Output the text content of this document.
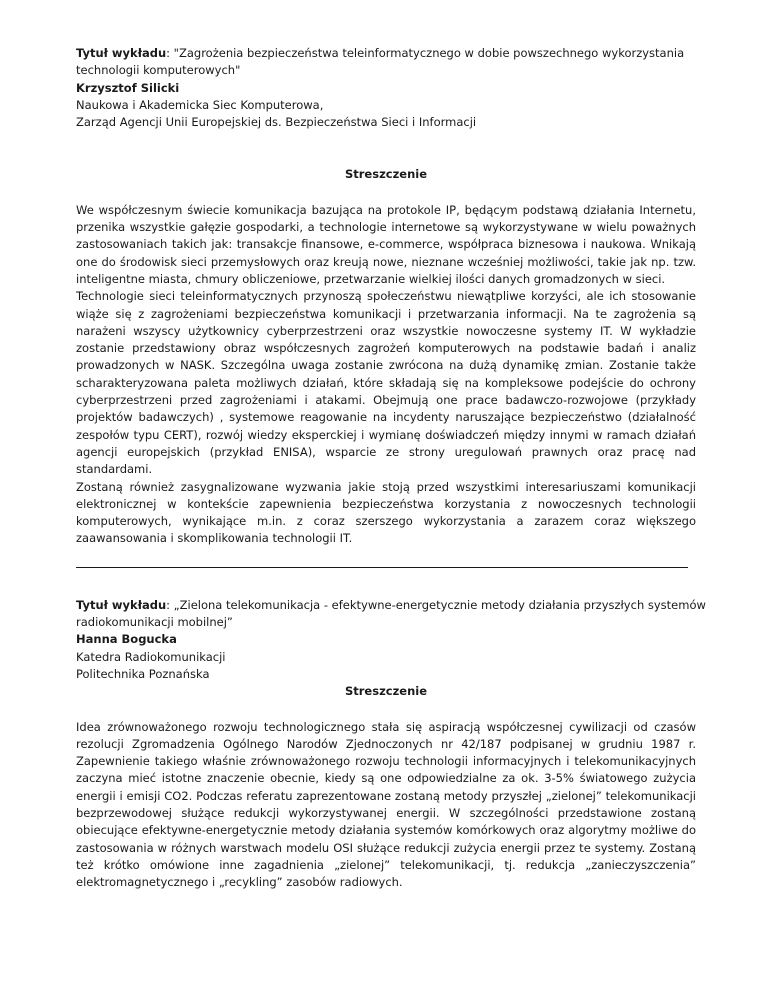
Tytuł wykładu: "Zagrożenia bezpieczeństwa teleinformatycznego w dobie powszechnego wykorzystania
technologii komputerowych"
Krzysztof Silicki
Naukowa i Akademicka Siec Komputerowa,
Zarząd Agencji Unii Europejskiej ds. Bezpieczeństwa Sieci i Informacji
Streszczenie

We współczesnym świecie komunikacja bazująca na protokole IP, będącym podstawą działania Internetu, przenika wszystkie gałęzie gospodarki, a technologie internetowe są wykorzystywane w wielu poważnych zastosowaniach takich jak: transakcje finansowe, e-commerce, współpraca biznesowa i naukowa. Wnikają one do środowisk sieci przemysłowych oraz kreują nowe, nieznane wcześniej możliwości, takie jak np. tzw. inteligentne miasta, chmury obliczeniowe, przetwarzanie wielkiej ilości danych gromadzonych w sieci.

Technologie sieci teleinformatycznych przynoszą społeczeństwu niewątpliwe korzyści, ale ich stosowanie wiąże się z zagrożeniami bezpieczeństwa komunikacji i przetwarzania informacji. Na te zagrożenia są narażeni wszyscy użytkownicy cyberprzestrzeni oraz wszystkie nowoczesne systemy IT. W wykładzie zostanie przedstawiony obraz współczesnych zagrożeń komputerowych na podstawie badań i analiz prowadzonych w NASK. Szczególna uwaga zostanie zwrócona na dużą dynamikę zmian. Zostanie także scharakteryzowana paleta możliwych działań, które składają się na kompleksowe podejście do ochrony cyberprzestrzeni przed zagrożeniami i atakami. Obejmują one prace badawczo-rozwojowe (przykłady projektów badawczych) , systemowe reagowanie na incydenty naruszające bezpieczeństwo (działalność zespołów typu CERT), rozwój wiedzy eksperckiej i wymianę doświadczeń między innymi w ramach działań agencji europejskich (przykład ENISA), wsparcie ze strony uregulowań prawnych oraz pracę nad standardami.

Zostaną również zasygnalizowane wyzwania jakie stoją przed wszystkimi interesariuszami komunikacji elektronicznej w kontekście zapewnienia bezpieczeństwa korzystania z nowoczesnych technologii komputerowych, wynikające m.in. z coraz szerszego wykorzystania a zarazem coraz większego zaawansowania i skomplikowania technologii IT.

Tytuł wykładu: „Zielona telekomunikacja - efektywne-energetycznie metody działania przyszłych systemów
radiokomunikacji mobilnej”
Hanna Bogucka
Katedra Radiokomunikacji
Politechnika Poznańska
Streszczenie

Idea zrównoważonego rozwoju technologicznego stała się aspiracją współczesnej cywilizacji od czasów rezolucji Zgromadzenia Ogólnego Narodów Zjednoczonych nr 42/187 podpisanej w grudniu 1987 r. Zapewnienie takiego właśnie zrównoważonego rozwoju technologii informacyjnych i telekomunikacyjnych zaczyna mieć istotne znaczenie obecnie, kiedy są one odpowiedzialne za ok. 3-5% światowego zużycia energii i emisji CO2. Podczas referatu zaprezentowane zostaną metody przyszłej „zielonej” telekomunikacji bezprzewodowej służące redukcji wykorzystywanej energii. W szczególności przedstawione zostaną obiecujące efektywne-energetycznie metody działania systemów komórkowych oraz algorytmy możliwe do zastosowania w różnych warstwach modelu OSI służące redukcji zużycia energii przez te systemy. Zostaną też krótko omówione inne zagadnienia „zielonej” telekomunikacji, tj. redukcja „zanieczyszczenia” elektromagnetycznego i „recykling” zasobów radiowych.
